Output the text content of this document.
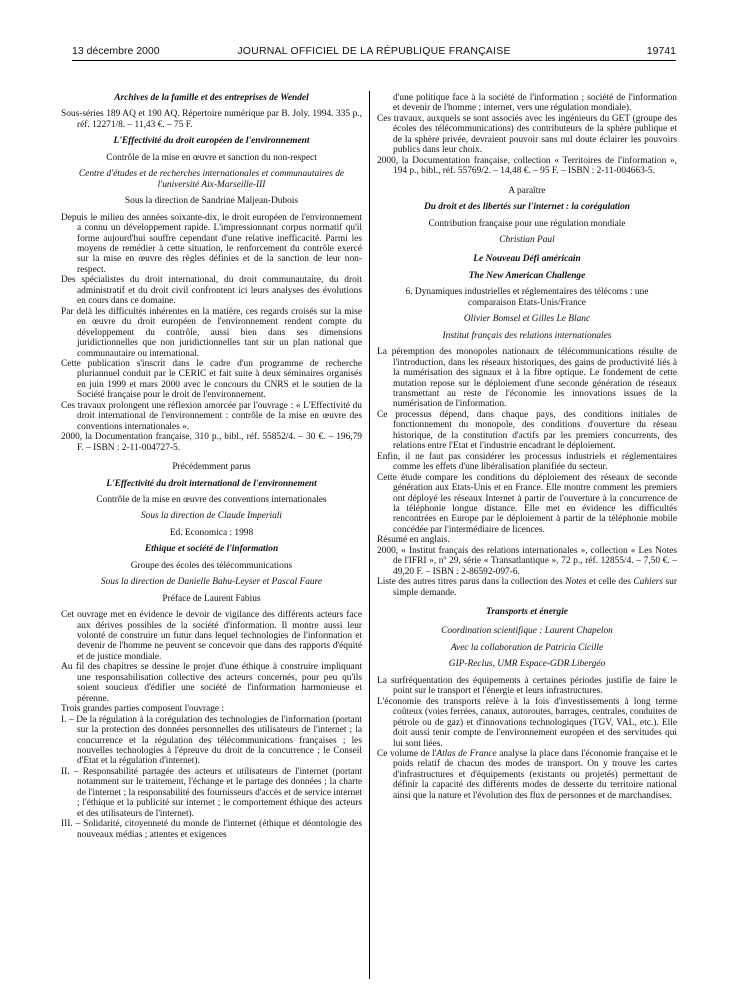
13 décembre 2000	JOURNAL OFFICIEL DE LA RÉPUBLIQUE FRANÇAISE	19741

Archives de la famille et des entreprises de Wendel

Sous-séries 189 AQ et 190 AQ. Répertoire numérique par B. Joly. 1994. 335 p., réf. 12271/8. – 11,43 €. – 75 F.

L'Effectivité du droit européen de l'environnement

Contrôle de la mise en œuvre et sanction du non-respect

Centre d'études et de recherches internationales et communautaires de l'université Aix-Marseille-III

Sous la direction de Sandrine Maljean-Dubois

Depuis le milieu des années soixante-dix, le droit européen de l'environnement a connu un développement rapide. L'impressionnant corpus normatif qu'il forme aujourd'hui souffre cependant d'une relative inefficacité. Parmi les moyens de remédier à cette situation, le renforcement du contrôle exercé sur la mise en œuvre des règles définies et de la sanction de leur non-respect.

Des spécialistes du droit international, du droit communautaire, du droit administratif et du droit civil confrontent ici leurs analyses des évolutions en cours dans ce domaine.

Par delà les difficultés inhérentes en la matière, ces regards croisés sur la mise en œuvre du droit européen de l'environnement rendent compte du développement du contrôle, aussi bien dans ses dimensions juridictionnelles que non juridictionnelles tant sur un plan national que communautaire ou international.

Cette publication s'inscrit dans le cadre d'un programme de recherche pluriannuel conduit par le CERIC et fait suite à deux séminaires organisés en juin 1999 et mars 2000 avec le concours du CNRS et le soutien de la Société française pour le droit de l'environnement.

Ces travaux prolongent une réflexion amorcée par l'ouvrage : « L'Effectivité du droit international de l'environnement : contrôle de la mise en œuvre des conventions internationales ».

2000, la Documentation française, 310 p., bibl., réf. 55852/4. – 30 €. – 196,79 F. – ISBN : 2-11-004727-5.

Précédemment parus

L'Effectivité du droit international de l'environnement

Contrôle de la mise en œuvre des conventions internationales

Sous la direction de Claude Imperiali

Ed. Economica : 1998

Ethique et société de l'information

Groupe des écoles des télécommunications

Sous la direction de Danielle Bahu-Leyser et Pascal Faure

Préface de Laurent Fabius

Cet ouvrage met en évidence le devoir de vigilance des différents acteurs face aux dérives possibles de la société d'information. Il montre aussi leur volonté de construire un futur dans lequel technologies de l'information et devenir de l'homme ne peuvent se concevoir que dans des rapports d'équité et de justice mondiale.

Au fil des chapitres se dessine le projet d'une éthique à construire impliquant une responsabilisation collective des acteurs concernés, pour peu qu'ils soient soucieux d'édifier une société de l'information harmonieuse et pérenne.

Trois grandes parties composent l'ouvrage :

I. – De la régulation à la corégulation des technologies de l'information (portant sur la protection des données personnelles des utilisateurs de l'internet ; la concurrence et la régulation des télécommunications françaises ; les nouvelles technologies à l'épreuve du droit de la concurrence ; le Conseil d'Etat et la régulation d'internet).

II. – Responsabilité partagée des acteurs et utilisateurs de l'internet (portant notamment sur le traitement, l'échange et le partage des données ; la charte de l'internet ; la responsabilité des fournisseurs d'accès et de service internet ; l'éthique et la publicité sur internet ; le comportement éthique des acteurs et des utilisateurs de l'internet).

III. – Solidarité, citoyenneté du monde de l'internet (éthique et déontologie des nouveaux médias ; attentes et exigences

d'une politique face à la société de l'information ; société de l'information et devenir de l'homme ; internet, vers une régulation mondiale).

Ces travaux, auxquels se sont associés avec les ingénieurs du GET (groupe des écoles des télécommunications) des contributeurs de la sphère publique et de la sphère privée, devraient pouvoir sans nul doute éclairer les pouvoirs publics dans leur choix.

2000, la Documentation française, collection « Territoires de l'information », 194 p., bibl., réf. 55769/2. – 14,48 €. – 95 F. – ISBN : 2-11-004663-5.

A paraître

Du droit et des libertés sur l'internet : la corégulation

Contribution française pour une régulation mondiale

Christian Paul

Le Nouveau Défi américain

The New American Challenge

6. Dynamiques industrielles et réglementaires des télécoms : une comparaison Etats-Unis/France

Olivier Bomsel et Gilles Le Blanc

Institut français des relations internationales

La péremption des monopoles nationaux de télécommunications résulte de l'introduction, dans les réseaux historiques, des gains de productivité liés à la numérisation des signaux et à la fibre optique. Le fondement de cette mutation repose sur le déploiement d'une seconde génération de réseaux transmettant au reste de l'économie les innovations issues de la numérisation de l'information.

Ce processus dépend, dans chaque pays, des conditions initiales de fonctionnement du monopole, des conditions d'ouverture du réseau historique, de la constitution d'actifs par les premiers concurrents, des relations entre l'Etat et l'industrie encadrant le déploiement.

Enfin, il ne faut pas considérer les processus industriels et réglementaires comme les effets d'une libéralisation planifiée du secteur.

Cette étude compare les conditions du déploiement des réseaux de seconde génération aux Etats-Unis et en France. Elle montre comment les premiers ont déployé les réseaux Internet à partir de l'ouverture à la concurrence de la téléphonie longue distance. Elle met en évidence les difficultés rencontrées en Europe par le déploiement à partir de la téléphonie mobile concédée par l'intermédiaire de licences.

Résumé en anglais.

2000, « Institut français des relations internationales », collection « Les Notes de l'IFRI », nº 29, série « Transatlantique », 72 p., réf. 12855/4. – 7,50 €. – 49,20 F. – ISBN : 2-86592-097-6.

Liste des autres titres parus dans la collection des Notes et celle des Cahiers sur simple demande.

Transports et énergie

Coordination scientifique : Laurent Chapelon

Avec la collaboration de Patricia Cicille

GIP-Reclus, UMR Espace-GDR Libergéo

La surfréquentation des équipements à certaines périodes justifie de faire le point sur le transport et l'énergie et leurs infrastructures.

L'économie des transports relève à la fois d'investissements à long terme coûteux (voies ferrées, canaux, autoroutes, barrages, centrales, conduites de pétrole ou de gaz) et d'innovations technologiques (TGV, VAL, etc.). Elle doit aussi tenir compte de l'environnement européen et des servitudes qui lui sont liées.

Ce volume de l'Atlas de France analyse la place dans l'économie française et le poids relatif de chacun des modes de transport. On y trouve les cartes d'infrastructures et d'équipements (existants ou projetés) permettant de définir la capacité des différents modes de desserte du territoire national ainsi que la nature et l'évolution des flux de personnes et de marchandises.
